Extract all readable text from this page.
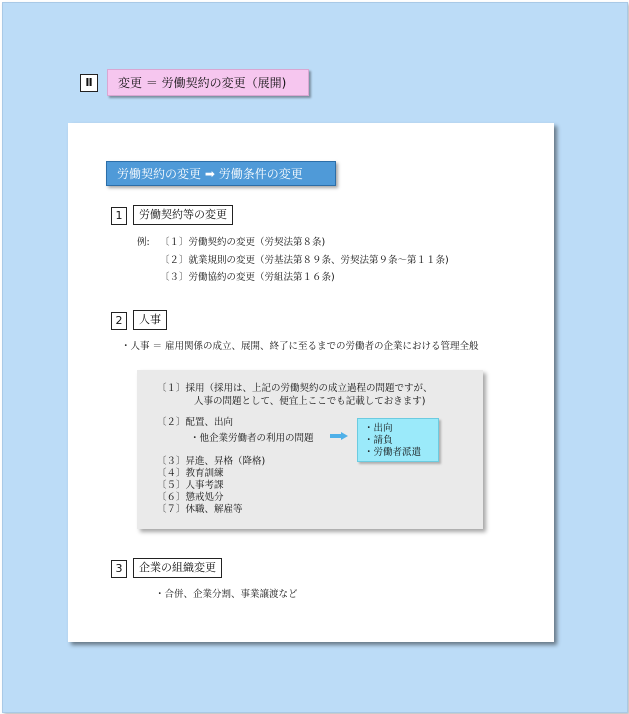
Ⅱ	変更 ＝ 労働契約の変更（展開)
労働契約の変更 ➡ 労働条件の変更
1	労働契約等の変更
例: 〔１〕労働契約の変更（労契法第８条)
〔２〕就業規則の変更（労基法第８９条、労契法第９条～第１１条)
〔３〕労働協約の変更（労組法第１６条)
2	人事
・人事 ＝ 雇用関係の成立、展開、終了に至るまでの労働者の企業における管理全般
〔１〕採用（採用は、上記の労働契約の成立過程の問題ですが、
人事の問題として、便宜上ここでも記載しておきます)
〔２〕配置、出向
・他企業労働者の利用の問題
・出向
・請負
・労働者派遣
〔３〕昇進、昇格（降格)
〔４〕教育訓練
〔５〕人事考課
〔６〕懲戒処分
〔７〕休職、解雇等
3	企業の組織変更
・合併、企業分割、事業譲渡など
